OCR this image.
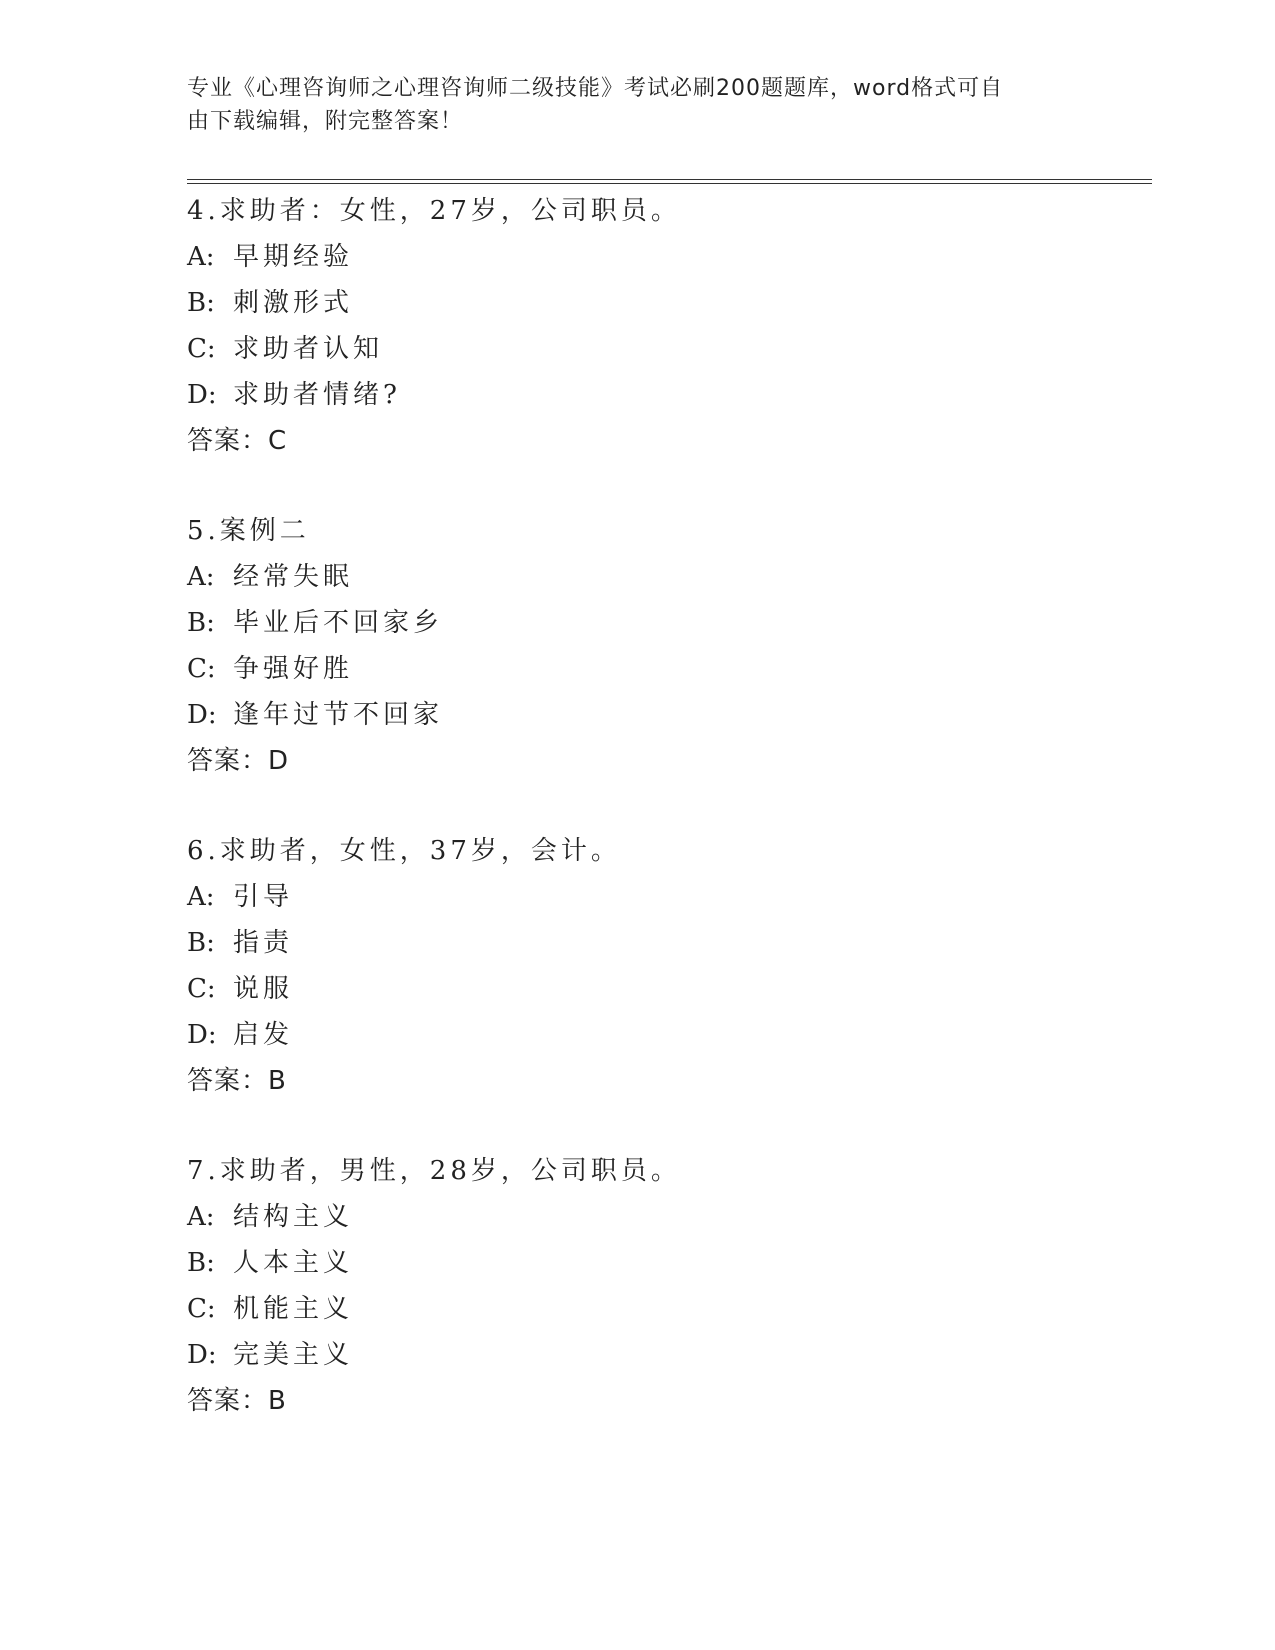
专业《心理咨询师之心理咨询师二级技能》考试必刷200题题库，word格式可自
由下载编辑，附完整答案！
4.求助者：女性，27岁，公司职员。
A: 早期经验
B: 刺激形式
C: 求助者认知
D: 求助者情绪?
答案：C
5.案例二
A: 经常失眠
B: 毕业后不回家乡
C: 争强好胜
D: 逢年过节不回家
答案：D
6.求助者，女性，37岁，会计。
A: 引导
B: 指责
C: 说服
D: 启发
答案：B
7.求助者，男性，28岁，公司职员。
A: 结构主义
B: 人本主义
C: 机能主义
D: 完美主义
答案：B
